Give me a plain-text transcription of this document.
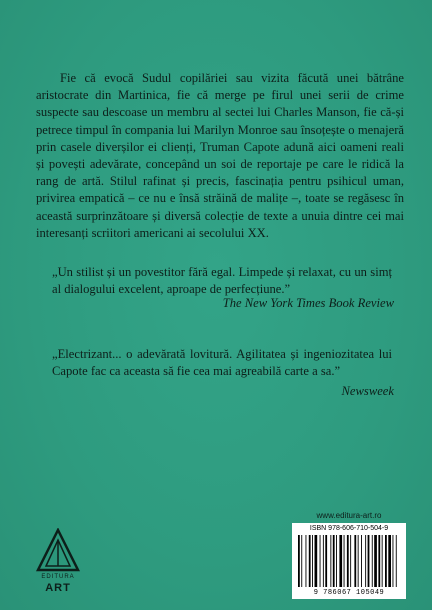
Fie că evocă Sudul copilăriei sau vizita făcută unei bătrâne aristocrate din Martinica, fie că merge pe firul unei serii de crime suspecte sau descoase un membru al sectei lui Charles Manson, fie că-și petrece timpul în compania lui Marilyn Monroe sau însoțește o menajeră prin casele diverșilor ei clienți, Truman Capote adună aici oameni reali și povești adevărate, concepând un soi de reportaje pe care le ridică la rang de artă. Stilul rafinat și precis, fascinația pentru psihicul uman, privirea empatică – ce nu e însă străină de malițe –, toate se regăsesc în această surprinzătoare și diversă colecție de texte a unuia dintre cei mai interesanți scriitori americani ai secolului XX.

„Un stilist și un povestitor fără egal. Limpede și relaxat, cu un simț al dialogului excelent, aproape de perfecțiune.”

The New York Times Book Review

„Electrizant... o adevărată lovitură. Agilitatea și ingeniozitatea lui Capote fac ca aceasta să fie cea mai agreabilă carte a sa.”

Newsweek

EDITURA
ART
www.editura-art.ro
ISBN 978-606-710-504-9
9 786067 105049
